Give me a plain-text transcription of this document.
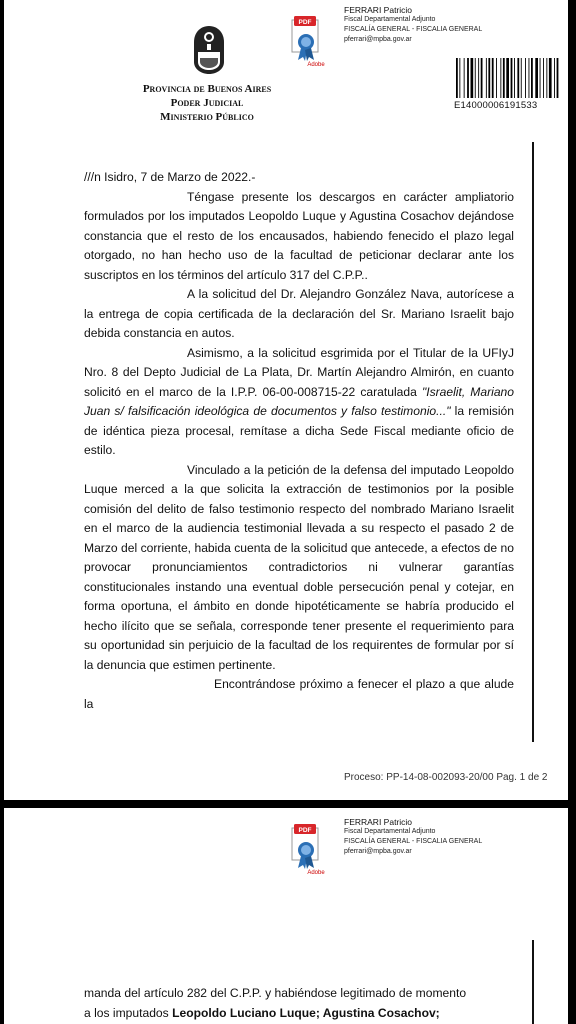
FERRARI Patricio
Fiscal Departamental Adjunto
FISCALÍA GENERAL - FISCALIA GENERAL
pferrari@mpba.gov.ar
PDF
Adobe
Provincia de Buenos Aires
Poder Judicial
Ministerio Público
E14000006191533

///n Isidro, 7 de Marzo de 2022.-

Téngase presente los descargos en carácter ampliatorio formulados por los imputados Leopoldo Luque y Agustina Cosachov dejándose constancia que el resto de los encausados, habiendo fenecido el plazo legal otorgado, no han hecho uso de la facultad de peticionar declarar ante los suscriptos en los términos del artículo 317 del C.P.P..

A la solicitud del Dr. Alejandro González Nava, autorícese a la entrega de copia certificada de la declaración del Sr. Mariano Israelit bajo debida constancia en autos.

Asimismo, a la solicitud esgrimida por el Titular de la UFIyJ Nro. 8 del Depto Judicial de La Plata, Dr. Martín Alejandro Almirón, en cuanto solicitó en el marco de la I.P.P. 06-00-008715-22 caratulada "Israelit, Mariano Juan s/ falsificación ideológica de documentos y falso testimonio..." la remisión de idéntica pieza procesal, remítase a dicha Sede Fiscal mediante oficio de estilo.

Vinculado a la petición de la defensa del imputado Leopoldo Luque merced a la que solicita la extracción de testimonios por la posible comisión del delito de falso testimonio respecto del nombrado Mariano Israelit en el marco de la audiencia testimonial llevada a su respecto el pasado 2 de Marzo del corriente, habida cuenta de la solicitud que antecede, a efectos de no provocar pronunciamientos contradictorios ni vulnerar garantías constitucionales instando una eventual doble persecución penal y cotejar, en forma oportuna, el ámbito en donde hipotéticamente se habría producido el hecho ilícito que se señala, corresponde tener presente el requerimiento para su oportunidad sin perjuicio de la facultad de los requirentes de formular por sí la denuncia que estimen pertinente.

Encontrándose próximo a fenecer el plazo a que alude la

Proceso: PP-14-08-002093-20/00 Pag. 1 de 2
FERRARI Patricio
Fiscal Departamental Adjunto
FISCALÍA GENERAL - FISCALIA GENERAL
pferrari@mpba.gov.ar
PDF
Adobe

manda del artículo 282 del C.P.P. y habiéndose legitimado de momento

a los imputados Leopoldo Luciano Luque; Agustina Cosachov;
